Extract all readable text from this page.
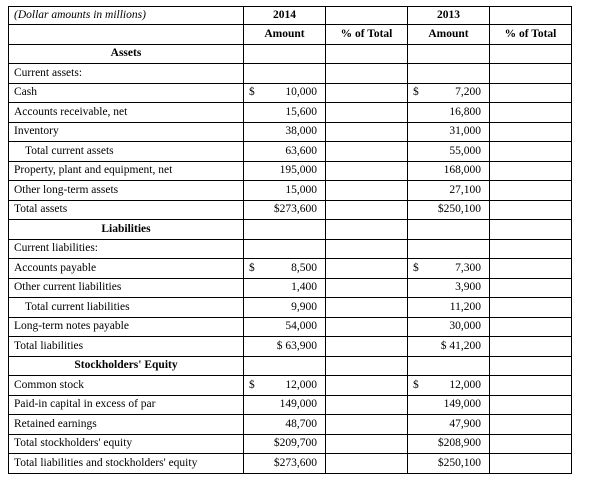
(Dollar amounts in millions)	2014		2013	
	Amount	% of Total	Amount	% of Total
Assets				
Current assets:				
Cash	$ 10,000		$ 7,200	

Accounts receivable, net	15,600		16,800	
Inventory	38,000		31,000	
Total current assets	63,600		55,000	
Property, plant and equipment, net	195,000		168,000	
Other long-term assets	15,000		27,100	
Total assets	$273,600		$250,100	
Liabilities				
Current liabilities:				
Accounts payable	$ 8,500		$ 7,300	

Other current liabilities	1,400		3,900	
Total current liabilities	9,900		11,200	
Long-term notes payable	54,000		30,000	
Total liabilities	$ 63,900		$ 41,200	
Stockholders' Equity				
Common stock	$ 12,000		$ 12,000	

Paid-in capital in excess of par	149,000		149,000	
Retained earnings	48,700		47,900	
Total stockholders' equity	$209,700		$208,900	
Total liabilities and stockholders' equity	$273,600		$250,100	
